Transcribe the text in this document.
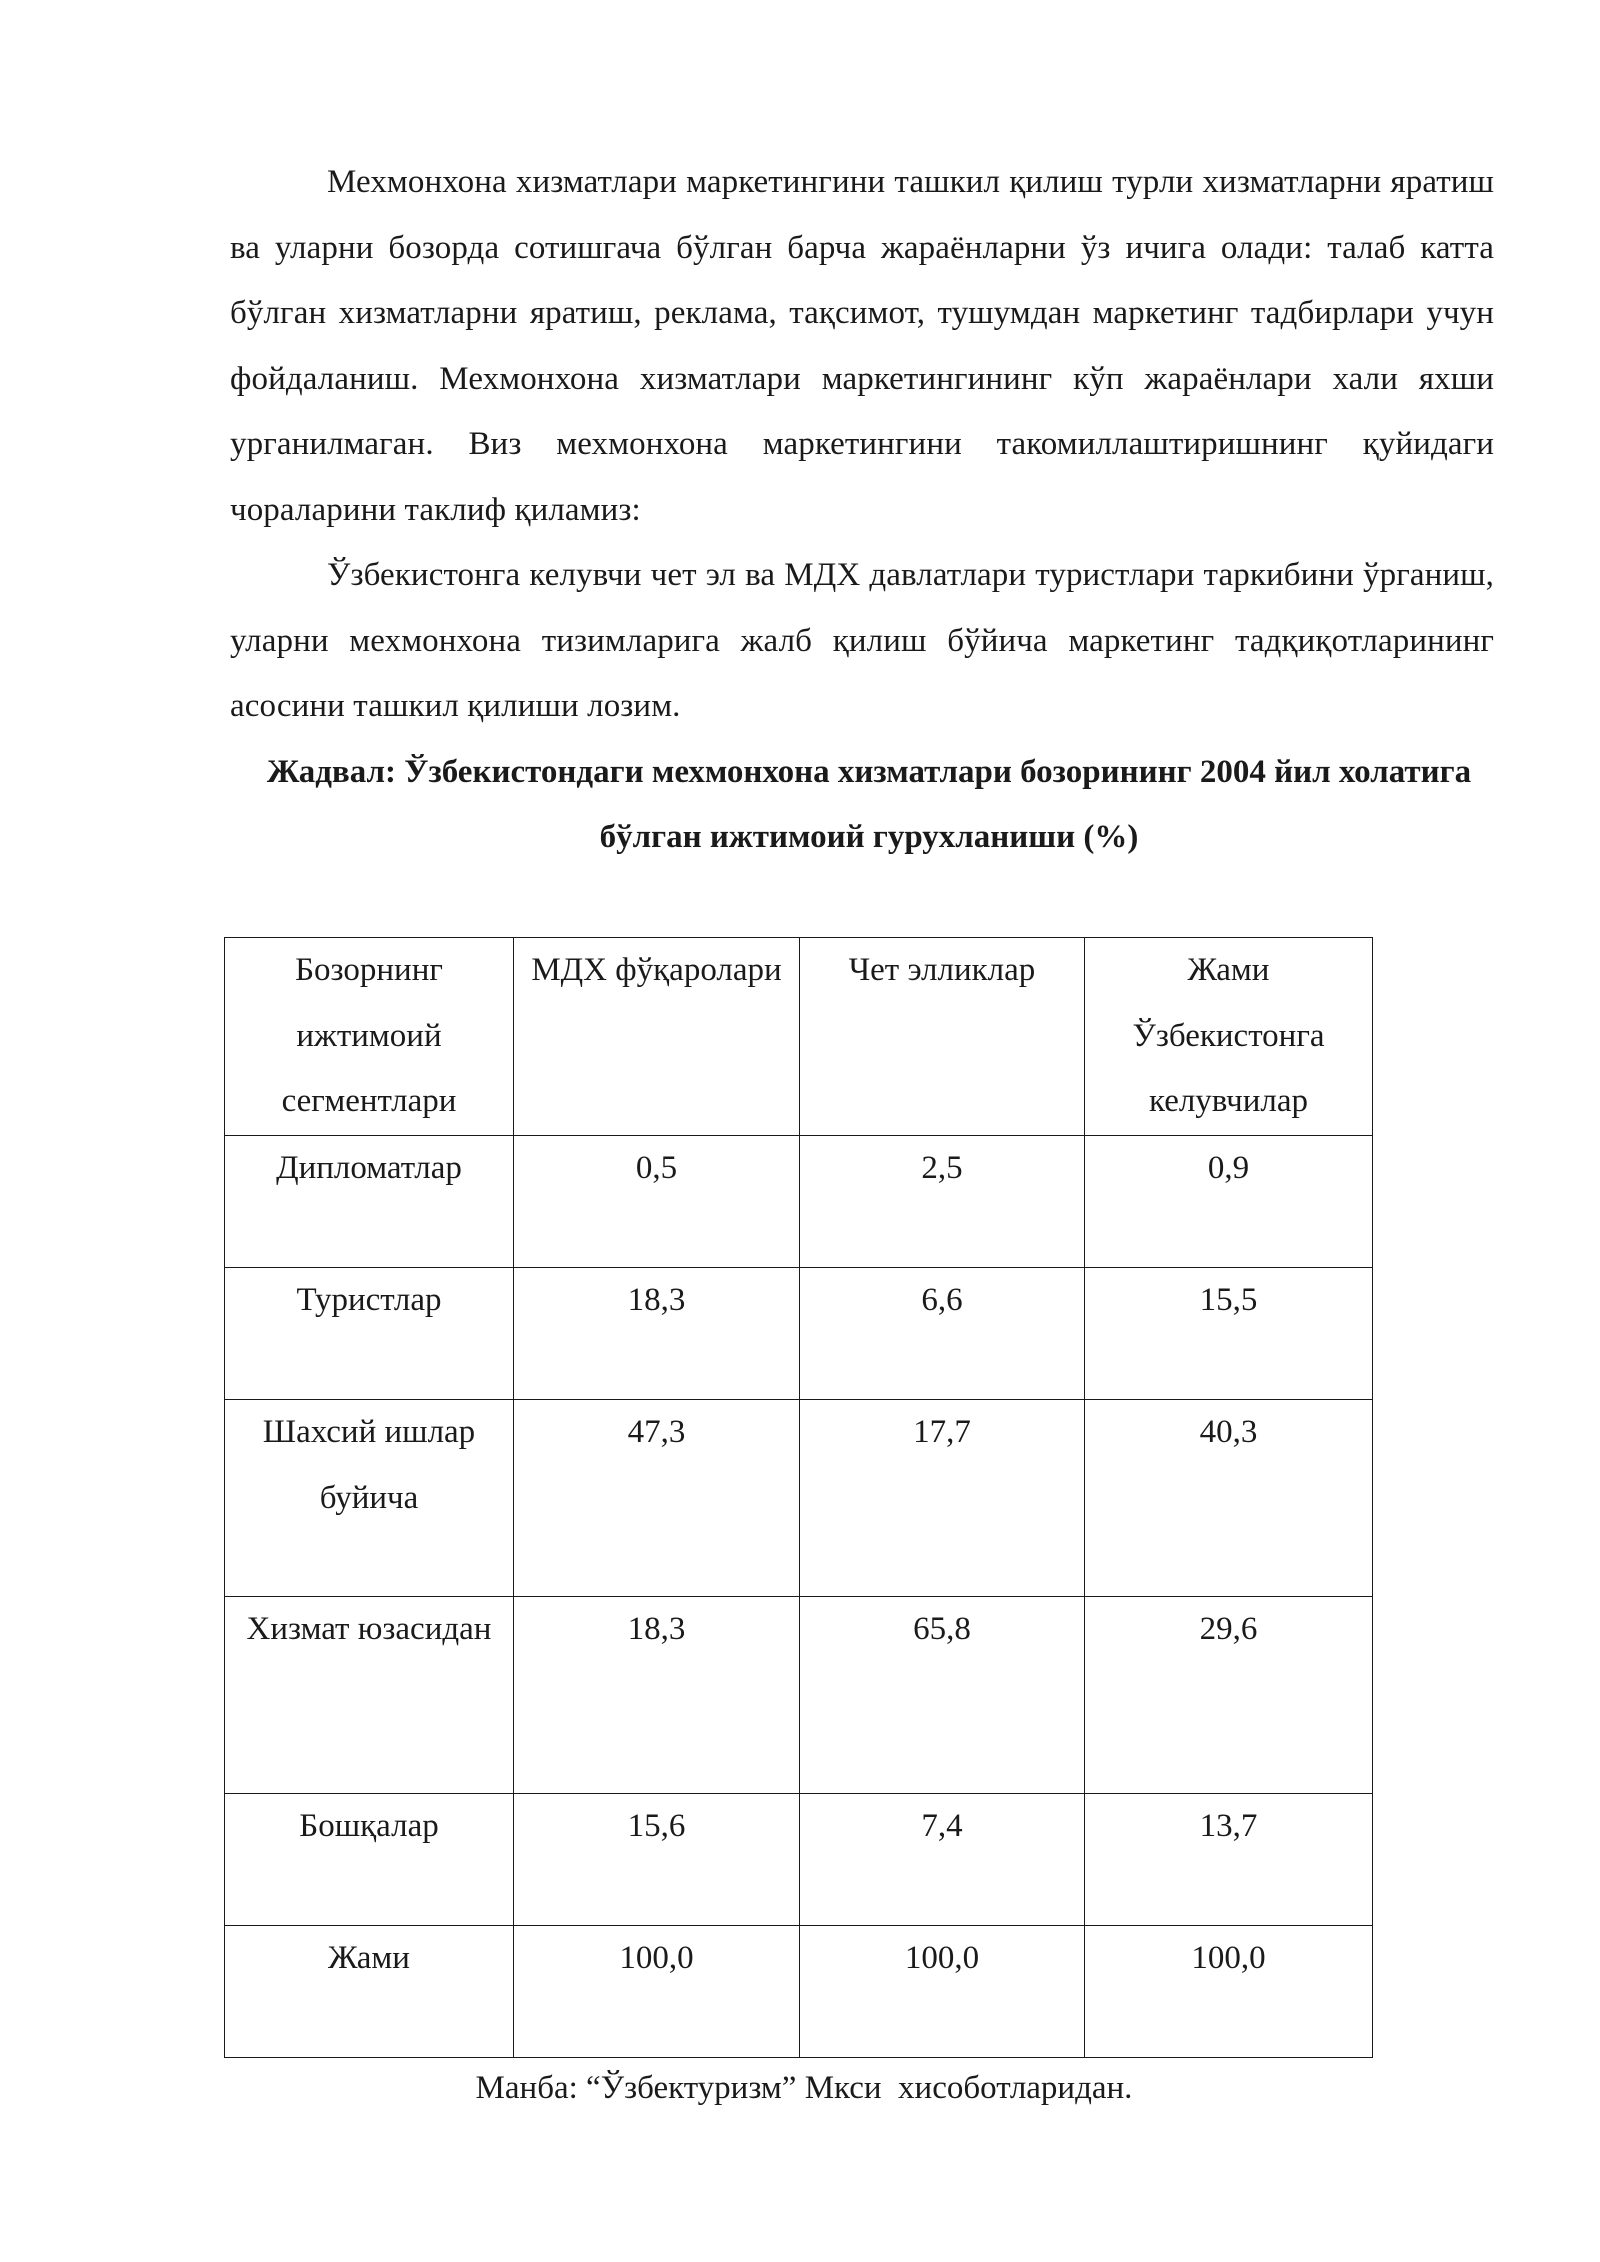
Мехмонхона хизматлари маркетингини ташкил қилиш турли хизматларни яратиш ва уларни бозорда сотишгача бўлган барча жараёнларни ўз ичига олади: талаб катта бўлган хизматларни яратиш, реклама, тақсимот, тушумдан маркетинг тадбирлари учун фойдаланиш. Мехмонхона хизматлари маркетингининг кўп жараёнлари хали яхши урганилмаган. Виз мехмонхона маркетингини такомиллаштиришнинг қуйидаги чораларини таклиф қиламиз:

Ўзбекистонга келувчи чет эл ва МДХ давлатлари туристлари таркибини ўрганиш, уларни мехмонхона тизимларига жалб қилиш бўйича маркетинг тадқиқотларининг асосини ташкил қилиши лозим.

Жадвал: Ўзбекистондаги мехмонхона хизматлари бозорининг 2004 йил холатига бўлган ижтимоий гурухланиши (%)

Бозорнинг ижтимоий сегментлари	МДХ фўқаролари	Чет элликлар	Жами Ўзбекистонга келувчилар
Дипломатлар	0,5	2,5	0,9
Туристлар	18,3	6,6	15,5
Шахсий ишлар буйича	47,3	17,7	40,3
Хизмат юзасидан	18,3	65,8	29,6
Бошқалар	15,6	7,4	13,7
Жами	100,0	100,0	100,0
Манба: “Ўзбектуризм” Мкси  хисоботларидан.
